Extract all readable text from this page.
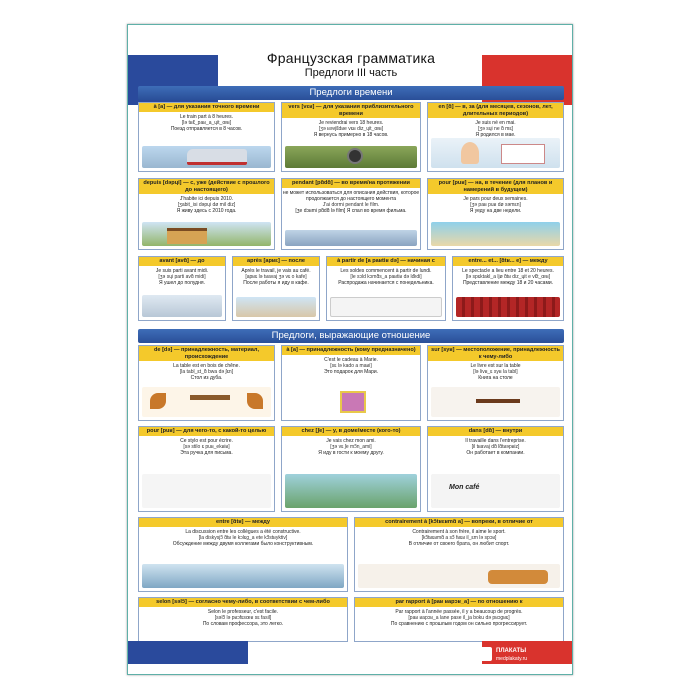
Французская грамматика
Предлоги III часть
Предлоги времени
à [a] — для указания точного времени
Le train part à 8 heures.
[lə tʁɛ̃_paʁ_a_ɥit_œʁ]
Поезд отправляется в 8 часов.
vers [vɛʁ] — для указания приблизительного времени
Je reviendrai vers 18 heures.
[ʒə ʁəvjɛ̃dʁe vɛʁ diz_ɥit_œʁ]
Я вернусь примерно в 18 часов.
en [ɑ̃] — в, за (для месяцев, сезонов, лет, длительных периодов)
Je suis né en mai.
[ʒə sɥi ne ɑ̃ mɛ]
Я родился в мае.
depuis [dəpɥi] — с, уже (действие с прошлого до настоящего)
J'habite ici depuis 2010.
[ʒabit_isi dəpɥi dø mil diz]
Я живу здесь с 2010 года.
pendant [pɑ̃dɑ̃] — во время/на протяжении
не может использоваться для описания действия, которое продолжается до настоящего момента
J'ai dormi pendant le film.
[ʒe dɔʁmi pɑ̃dɑ̃ lə film] Я спал во время фильма.
pour [puʁ] — на, в течение (для планов и намерений в будущем)
Je pars pour deux semaines.
[ʒə paʁ puʁ dø səmɛn]
Я уеду на две недели.
avant [avɑ̃] — до
Je suis parti avant midi.
[ʒə sɥi parti avɑ̃ midi]
Я ушел до полудня.
après [apʁɛ] — после
Après le travail, je vais au café.
[apʁɛ lə tʁavaj ʒə vɛ o kafe]
После работы я иду в кафе.
à partir de [a paʁtiʁ də] — начиная с
Les soldes commencent à partir de lundi.
[le sɔld kɔmɑ̃s_a paʁtiʁ də lœ̃di]
Распродажа начинается с понедельника.
entre... et... [ɑ̃tʁ... e] — между
Le spectacle a lieu entre 18 et 20 heures.
[lə spɛktakl_a ljø ɑ̃tʁ diz_ɥit e vɛ̃t_œʁ]
Представление между 18 и 20 часами.
Предлоги, выражающие отношение
de [də] — принадлежность, материал, происхождение
La table est en bois de chêne.
[la tabl_ɛt_ɑ̃ bwa də ʃɛn]
Стол из дуба.
à [a] — принадлежность (кому предназначено)
C'est le cadeau à Marie.
[sɛ lə kado a maʁi]
Это подарок для Мари.
sur [syʁ] — местоположение, принадлежность к чему-либо
Le livre est sur la table
[lə livʁ_ɛ syʁ la tabl]
Книга на столе
pour [puʁ] — для чего-то, с какой-то целью
Ce stylo est pour écrire.
[sə stilo ɛ puʁ_ekʁiʁ]
Эта ручка для письма.
chez [ʃe] — у, в доме/месте (кого-то)
Je vais chez mon ami.
[ʒə vɛ ʃe mɔ̃n_ami]
Я иду в гости к моему другу.
dans [dɑ̃] — внутри
Il travaille dans l'entreprise.
[il tʁavaj dɑ̃ lɑ̃tʁəpʁiz]
Он работает в компании.
Mon café
entre [ɑ̃tʁ] — между
La discussion entre les collègues a été constructive.
[la diskysjɔ̃ ɑ̃tʁ le kɔlɛg_a ete kɔ̃stʁyktiv]
Обсуждение между двумя коллегами было конструктивным.
contrairement à [kɔ̃tʁɛʁmɑ̃ a] — вопреки, в отличие от
Contrairement à son frère, il aime le sport.
[kɔ̃tʁɛʁmɑ̃ a sɔ̃ fʁɛʁ il_ɛm lə spɔʁ]
В отличие от своего брата, он любит спорт.
selon [səlɔ̃] — согласно чему-либо, в соответствии с чем-либо
Selon le professeur, c'est facile.
[səlɔ̃ lə pʁɔfɛsœʁ sɛ fasil]
По словам профессора, это легко.
par rapport à [paʁ ʁapɔʁ_a] — по отношению к
Par rapport à l'année passée, il y a beaucoup de progrès.
[paʁ ʁapɔʁ_a lane pase il_ja boku də pʁɔgʁɛ]
По сравнению с прошлым годом он сильно прогрессирует.
ПЛАКАТЫ
medplakaty.ru
